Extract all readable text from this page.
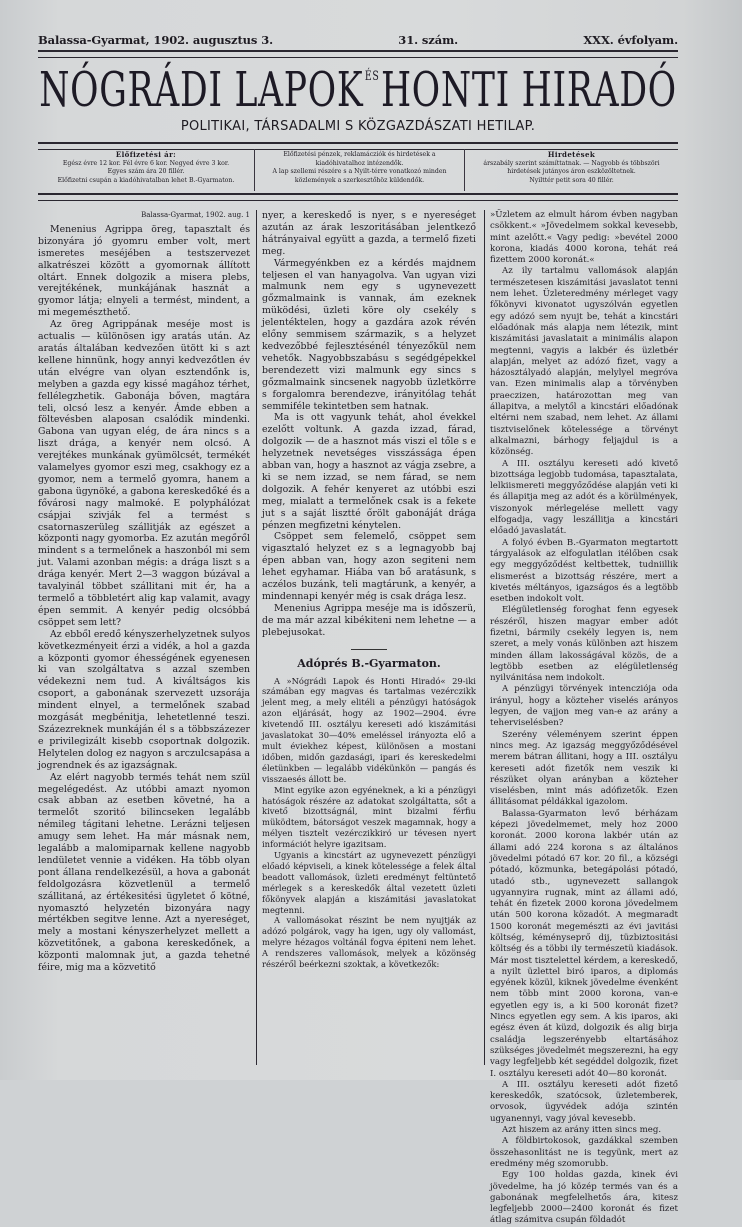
Balassa-Gyarmat, 1902. augusztus 3.	31. szám.	XXX. évfolyam.
NÓGRÁDI LAPOK ÉS HONTI HIRADÓ
POLITIKAI, TÁRSADALMI S KÖZGAZDÁSZATI HETILAP.
Előfizetési ár:
Egész évre 12 kor. Fél évre 6 kor. Negyed évre 3 kor.
Egyes szám ára 20 fillér.
Előfizetni csupán a kiadóhivatalban lehet B.-Gyarmaton.
Előfizetési pénzek, reklamácziók és hirdetések a kiadóhivatalhoz intézendők.
A lap szellemi részére s a Nyilt-térre vonatkozó minden közlemények a szerkesztőhöz küldendők.
Hirdetések
árszabály szerint számíttatnak. — Nagyobb és többszöri hirdetések jutányos áron eszközöltetnek.
Nyilttér petit sora 40 fillér.
Balassa-Gyarmat, 1902. aug. 1

Menenius Agrippa öreg, tapasztalt és bizonyára jó gyomru ember volt, mert ismeretes meséjében a testszervezet alkatrészei között a gyomornak állított oltárt. Ennek dolgozik a misera plebs, verejtékének, munkájának hasznát a gyomor látja; elnyeli a termést, mindent, a mi megemészthető.

Az öreg Agrippának meséje most is actualis — különösen igy aratás után. Az aratás általában kedvezően ütött ki s azt kellene hinnünk, hogy annyi kedvezőtlen év után elvégre van olyan esztendőnk is, melyben a gazda egy kissé magához térhet, fellélegzhetik. Gabonája bőven, magtára teli, olcsó lesz a kenyér. Ámde ebben a föltevésben alaposan csalódik mindenki. Gabona van ugyan elég, de ára nincs s a liszt drága, a kenyér nem olcsó. A verejtékes munkának gyümölcsét, termékét valamelyes gyomor eszi meg, csakhogy ez a gyomor, nem a termelő gyomra, hanem a gabona ügynöké, a gabona kereskedőké és a fővárosi nagy malmoké. E polyphálózat csápjai szivják fel a termést s csatornaszerüleg szállitják az egészet a központi nagy gyomorba. Ez azután megőről mindent s a termelőnek a haszonból mi sem jut. Valami azonban mégis: a drága liszt s a drága kenyér. Mert 2—3 waggon búzával a tavalyinál többet szállitani mit ér, ha a termelő a többletért alig kap valamit, avagy épen semmit. A kenyér pedig olcsóbbá csöppet sem lett?

Az ebből eredő kényszerhelyzetnek sulyos következményeit érzi a vidék, a hol a gazda a központi gyomor éhességének egyenesen ki van szolgáltatva s azzal szemben védekezni nem tud. A kiváltságos kis csoport, a gabonának szervezett uzsorája mindent elnyel, a termelőnek szabad mozgását megbénitja, lehetetlenné teszi. Százezreknek munkáján él s a többszázezer e privilegizált kisebb csoportnak dolgozik. Helytelen dolog ez nagyon s arczulcsapása a jogrendnek és az igazságnak.

Az elért nagyobb termés tehát nem szül megelégedést. Az utóbbi amazt nyomon csak abban az esetben követné, ha a termelőt szoritó bilincseken legalább némileg tágitani lehetne. Lerázni teljesen amugy sem lehet. Ha már másnak nem, legalább a malomiparnak kellene nagyobb lendületet vennie a vidéken. Ha több olyan pont állana rendelkezésül, a hova a gabonát feldolgozásra közvetlenül a termelő szállitaná, az értékesitési ügyletet ő kötné, nyomasztó helyzetén bizonyára nagy mértékben segitve lenne. Azt a nyereséget, mely a mostani kényszerhelyzet mellett a közvetitőnek, a gabona kereskedőnek, a központi malomnak jut, a gazda tehetné féire, mig ma a közvetitő

nyer, a kereskedő is nyer, s e nyereséget azután az árak leszoritásában jelentkező hátrányaival együtt a gazda, a termelő fizeti meg.

Vármegyénkben ez a kérdés majdnem teljesen el van hanyagolva. Van ugyan vizi malmunk nem egy s ugynevezett gőzmalmaink is vannak, ám ezeknek müködési, üzleti köre oly csekély s jelentéktelen, hogy a gazdára azok révén előny semmisem származik, s a helyzet kedvezőbbé fejlesztésénél tényezőkül nem vehetők. Nagyobbszabásu s segédgépekkel berendezett vizi malmunk egy sincs s gőzmalmaink sincsenek nagyobb üzletkörre s forgalomra berendezve, irányitólag tehát semmiféle tekintetben sem hatnak.

Ma is ott vagyunk tehát, ahol évekkel ezelőtt voltunk. A gazda izzad, fárad, dolgozik — de a hasznot más viszi el tőle s e helyzetnek nevetséges visszássága épen abban van, hogy a hasznot az vágja zsebre, a ki se nem izzad, se nem fárad, se nem dolgozik. A fehér kenyeret az utóbbi eszi meg, mialatt a termelőnek csak is a fekete jut s a saját lisztté őrölt gabonáját drága pénzen megfizetni kénytelen.

Csöppet sem felemelő, csöppet sem vigasztaló helyzet ez s a legnagyobb baj épen abban van, hogy azon segiteni nem lehet egyhamar. Hiába van bő aratásunk, s aczélos buzánk, teli magtárunk, a kenyér, a mindennapi kenyér még is csak drága lesz.

Menenius Agrippa meséje ma is időszerü, de ma már azzal kibékiteni nem lehetne — a plebejusokat.

Adóprés B.-Gyarmaton.

A »Nógrádi Lapok és Honti Hiradó« 29-iki számában egy magvas és tartalmas vezérczikk jelent meg, a mely elitéli a pénzügyi hatóságok azon eljárását, hogy az 1902—2904. évre kivetendő III. osztályu kereseti adó kiszámitási javaslatokat 30—40% emeléssel irányozta elő a mult éviekhez képest, különösen a mostani időben, midőn gazdasági, ipari és kereskedelmi életünkben — legalább vidékünkön — pangás és visszaesés állott be.

Mint egyike azon egyéneknek, a ki a pénzügyi hatóságok részére az adatokat szolgáltatta, sőt a kivető bizottságnál, mint bizalmi férfiu müködtem, bátorságot veszek magamnak, hogy a mélyen tisztelt vezérczikkiró ur tévesen nyert információt helyre igazitsam.

Ugyanis a kincstárt az ugynevezett pénzügyi előadó képviseli, a kinek kötelessége a felek által beadott vallomások, üzleti eredményt feltüntető mérlegek s a kereskedők által vezetett üzleti főkönyvek alapján a kiszámitási javaslatokat megtenni.

A vallomásokat részint be nem nyujtják az adózó polgárok, vagy ha igen, ugy oly vallomást, melyre hézagos voltánál fogva épiteni nem lehet. A rendszeres vallomások, melyek a közönség részéről beérkezni szoktak, a következők:

»Üzletem az elmult három évben nagyban csökkent.« »Jövedelmem sokkal kevesebb, mint azelőtt.« Vagy pedig: »bevétel 2000 korona, kiadás 4000 korona, tehát reá fizettem 2000 koronát.«

Az ily tartalmu vallomások alapján természetesen kiszámitási javaslatot tenni nem lehet. Üzleteredmény mérleget vagy főkönyvi kivonatot ugyszólván egyetlen egy adózó sem nyujt be, tehát a kincstári előadónak más alapja nem létezik, mint kiszámitási javaslatait a minimális alapon megtenni, vagyis a lakbér és üzletbér alapján, melyet az adózó fizet, vagy a házosztályadó alapján, melylyel megróva van. Ezen minimalis alap a törvényben praeczizen, határozottan meg van állapitva, a melytől a kincstári előadónak eltérni nem szabad, nem lehet. Az állami tisztviselőnek kötelessége a törvényt alkalmazni, bárhogy feljajdul is a közönség.

A III. osztályu kereseti adó kivető bizottsága legjobb tudomása, tapasztalata, lelkiismereti meggyőződése alapján veti ki és állapitja meg az adót és a körülmények, viszonyok mérlegelése mellett vagy elfogadja, vagy leszállitja a kincstári előadó javaslatát.

A folyó évben B.-Gyarmaton megtartott tárgyalások az elfogulatlan itélőben csak egy meggyőződést keltbettek, tudniillik elismerést a bizottság részére, mert a kivetés méltányos, igazságos és a legtöbb esetben indokolt volt.

Elégületlenség foroghat fenn egyesek részéről, hiszen magyar ember adót fizetni, bármily csekély legyen is, nem szeret, a mely vonás különben azt hiszem minden állam lakosságával közös, de a legtöbb esetben az elégületlenség nyilvánitása nem indokolt.

A pénzügyi törvények intencziója oda irányul, hogy a közteher viselés arányos legyen, de vajjon meg van-e az arány a teherviselésben?

Szerény véleményem szerint éppen nincs meg. Az igazság meggyőződésével merem bátran állitani, hogy a III. osztályu kereseti adót fizetők nem veszik ki részüket olyan arányban a közteher viselésben, mint más adófizetők. Ezen állitásomat példákkal igazolom.

Balassa-Gyarmaton levő bérházam képezi jövedelmemet, mely hoz 2000 koronát. 2000 korona lakbér után az állami adó 224 korona s az általános jövedelmi pótadó 67 kor. 20 fil., a községi pótadó, közmunka, betegápolási pótadó, utadó stb., ugynevezett sallangok ugyannyira rugnak, mint az állami adó, tehát én fizetek 2000 korona jövedelmem után 500 korona közadót. A megmaradt 1500 koronát megemészti az évi javitási költség, kéményseprő dij, tüzbiztositási költség és a többi ily természetü kiadások. Már most tisztelettel kérdem, a kereskedő, a nyilt üzlettel biró iparos, a diplomás egyének közül, kiknek jövedelme évenként nem több mint 2000 korona, van-e egyetlen egy is, a ki 500 koronát fizet? Nincs egyetlen egy sem. A kis iparos, aki egész éven át küzd, dolgozik és alig birja családja legszerényebb eltartásához szükséges jövedelmét megszerezni, ha egy vagy legfeljebb két segéddel dolgozik, fizet I. osztályu kereseti adót 40—80 koronát.

A III. osztályu kereseti adót fizető kereskedők, szatócsok, üzletemberek, orvosok, ügyvédek adója szintén ugyanennyi, vagy jóval kevesebb.

Azt hiszem az arány itten sincs meg.

A földbirtokosok, gazdákkal szemben összehasonlitást ne is tegyünk, mert az eredmény még szomorubb.

Egy 100 holdas gazda, kinek évi jövedelme, ha jó közép termés van és a gabonának megfelelhetős ára, kitesz legfeljebb 2000—2400 koronát és fizet átlag számitva csupán földadót
